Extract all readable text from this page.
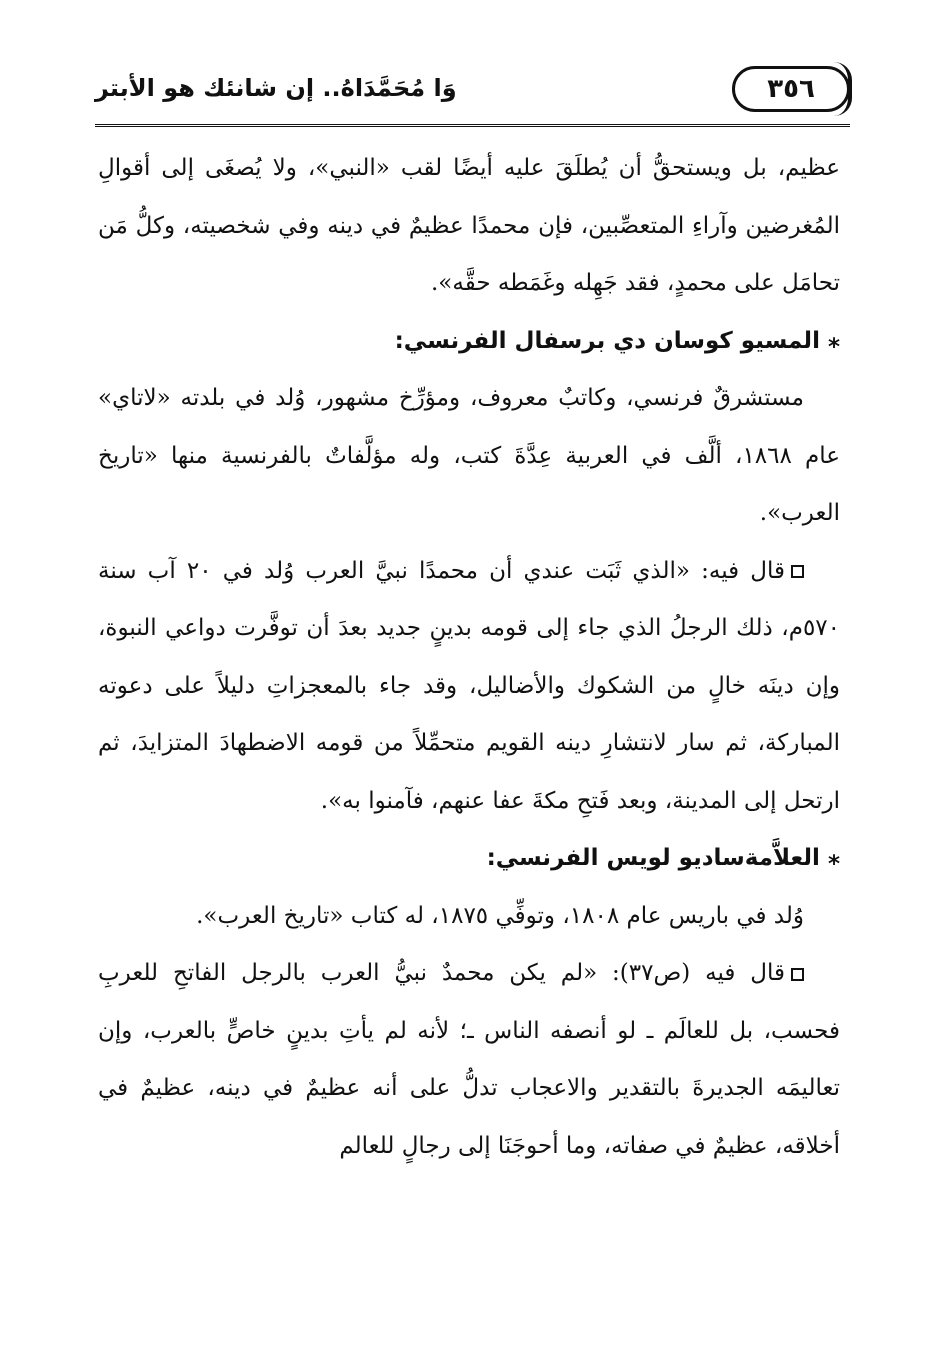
٣٥٦
وَا مُحَمَّدَاهُ.. إن شانئك هو الأبتر

عظيم، بل ويستحقُّ أن يُطلَقَ عليه أيضًا لقب «النبي»، ولا يُصغَى إلى أقوالِ المُغرضين وآراءِ المتعصِّبين، فإن محمدًا عظيمٌ في دينه وفي شخصيته، وكلُّ مَن تحامَل على محمدٍ، فقد جَهِله وغَمَطه حقَّه».

⁎ المسيو كوسان دي برسفال الفرنسي:

مستشرقٌ فرنسي، وكاتبٌ معروف، ومؤرِّخ مشهور، وُلد في بلدته «لاتاي» عام ١٨٦٨، ألَّف في العربية عِدَّةَ كتب، وله مؤلَّفاتٌ بالفرنسية منها «تاريخ العرب».

قال فيه: «الذي ثَبَت عندي أن محمدًا نبيَّ العرب وُلد في ٢٠ آب سنة ٥٧٠م، ذلك الرجلُ الذي جاء إلى قومه بدينٍ جديد بعدَ أن توفَّرت دواعي النبوة، وإن دينَه خالٍ من الشكوك والأضاليل، وقد جاء بالمعجزاتِ دليلاً على دعوته المباركة، ثم سار لانتشارِ دينه القويم متحمِّلاً من قومه الاضطهادَ المتزايدَ، ثم ارتحل إلى المدينة، وبعد فَتحِ مكةَ عفا عنهم، فآمنوا به».

⁎ العلاَّمةساديو لويس الفرنسي:

وُلد في باريس عام ١٨٠٨، وتوفِّي ١٨٧٥، له كتاب «تاريخ العرب».

قال فيه (ص٣٧): «لم يكن محمدٌ نبيُّ العرب بالرجل الفاتحِ للعربِ فحسب، بل للعالَم ـ لو أنصفه الناس ـ؛ لأنه لم يأتِ بدينٍ خاصٍّ بالعرب، وإن تعاليمَه الجديرةَ بالتقدير والاعجاب تدلُّ على أنه عظيمٌ في دينه، عظيمٌ في أخلاقه، عظيمٌ في صفاته، وما أحوجَنَا إلى رجالٍ للعالم
